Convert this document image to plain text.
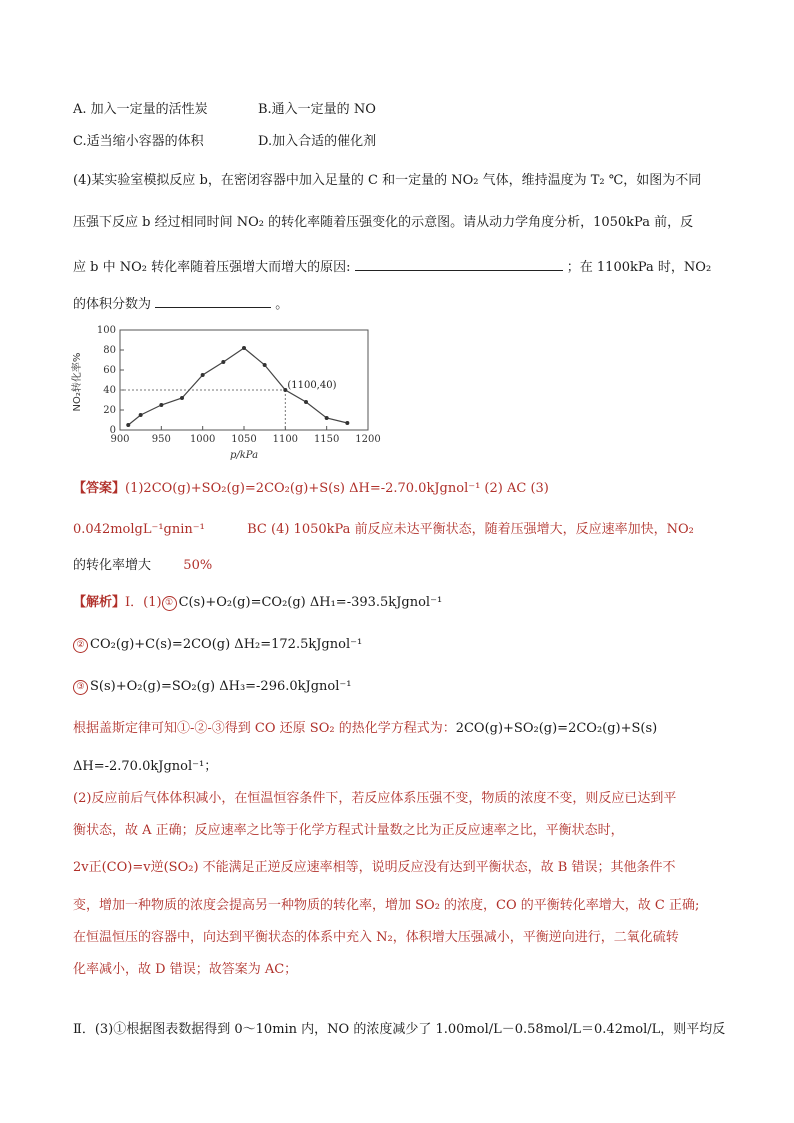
A. 加入一定量的活性炭	B.通入一定量的 NO
C.适当缩小容器的体积	D.加入合适的催化剂
(4)某实验室模拟反应 b，在密闭容器中加入足量的 C 和一定量的 NO₂ 气体，维持温度为 T₂ ℃，如图为不同
压强下反应 b 经过相同时间 NO₂ 的转化率随着压强变化的示意图。请从动力学角度分析，1050kPa 前，反
应 b 中 NO₂ 转化率随着压强增大而增大的原因:	；在 1100kPa 时，NO₂
的体积分数为	。
0
20
40
60
80
100
900 950 1000 1050 1100 1150 1200
(1100,40)
NO₂转化率%
p/kPa
【答案】(1)2CO(g)+SO₂(g)=2CO₂(g)+S(s) ΔH=-2.70.0kJgnol⁻¹ (2) AC (3)
0.042molgL⁻¹gnin⁻¹	BC (4) 1050kPa 前反应未达平衡状态，随着压强增大，反应速率加快，NO₂
的转化率增大 50%
【解析】Ⅰ．(1) ① C(s)+O₂(g)=CO₂(g) ΔH₁=-393.5kJgnol⁻¹
② CO₂(g)+C(s)=2CO(g) ΔH₂=172.5kJgnol⁻¹
③ S(s)+O₂(g)=SO₂(g) ΔH₃=-296.0kJgnol⁻¹
根据盖斯定律可知①-②-③得到 CO 还原 SO₂ 的热化学方程式为：2CO(g)+SO₂(g)=2CO₂(g)+S(s)
ΔH=-2.70.0kJgnol⁻¹；
(2)反应前后气体体积减小，在恒温恒容条件下，若反应体系压强不变，物质的浓度不变，则反应已达到平
衡状态，故 A 正确；反应速率之比等于化学方程式计量数之比为正反应速率之比，平衡状态时，
2v正(CO)=v逆(SO₂) 不能满足正逆反应速率相等，说明反应没有达到平衡状态，故 B 错误；其他条件不
变，增加一种物质的浓度会提高另一种物质的转化率，增加 SO₂ 的浓度，CO 的平衡转化率增大，故 C 正确;
在恒温恒压的容器中，向达到平衡状态的体系中充入 N₂，体积增大压强减小，平衡逆向进行，二氧化硫转
化率减小，故 D 错误；故答案为 AC；
Ⅱ．(3)①根据图表数据得到 0～10min 内，NO 的浓度减少了 1.00mol/L－0.58mol/L＝0.42mol/L，则平均反
